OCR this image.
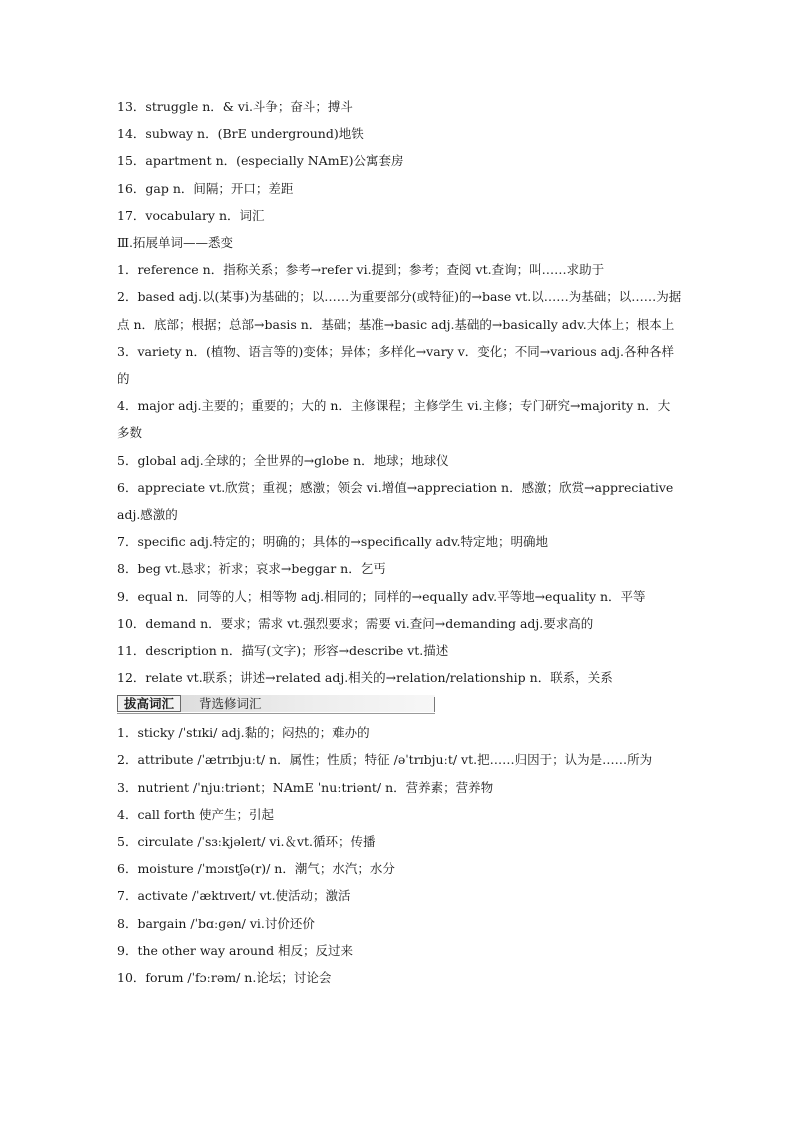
13．struggle n．& vi.斗争；奋斗；搏斗
14．subway n．(BrE underground)地铁
15．apartment n．(especially NAmE)公寓套房
16．gap n．间隔；开口；差距
17．vocabulary n．词汇
Ⅲ.拓展单词——悉变
1．reference n．指称关系；参考→refer vi.提到；参考；查阅 vt.查询；叫……求助于
2．based adj.以(某事)为基础的；以……为重要部分(或特征)的→base vt.以……为基础；以……为据点 n．底部；根据；总部→basis n．基础；基准→basic adj.基础的→basically adv.大体上；根本上
3．variety n．(植物、语言等的)变体；异体；多样化→vary v．变化；不同→various adj.各种各样的
4．major adj.主要的；重要的；大的 n．主修课程；主修学生 vi.主修；专门研究→majority n．大多数
5．global adj.全球的；全世界的→globe n．地球；地球仪
6．appreciate vt.欣赏；重视；感激；领会 vi.增值→appreciation n．感激；欣赏→appreciative adj.感激的
7．specific adj.特定的；明确的；具体的→specifically adv.特定地；明确地
8．beg vt.恳求；祈求；哀求→beggar n．乞丐
9．equal n．同等的人；相等物 adj.相同的；同样的→equally adv.平等地→equality n．平等
10．demand n．要求；需求 vt.强烈要求；需要 vi.查问→demanding adj.要求高的
11．description n．描写(文字)；形容→describe vt.描述
12．relate vt.联系；讲述→related adj.相关的→relation/relationship n．联系，关系
拔高词汇	背选修词汇
1．sticky /ˈstɪki/ adj.黏的；闷热的；难办的
2．attribute /ˈætrɪbjuːt/ n．属性；性质；特征 /əˈtrɪbjuːt/ vt.把……归因于；认为是……所为
3．nutrient /ˈnjuːtriənt；NAmE ˈnuːtriənt/ n．营养素；营养物
4．call forth 使产生；引起
5．circulate /ˈsɜːkjəleɪt/ vi.＆vt.循环；传播
6．moisture /ˈmɔɪstʃə(r)/ n．潮气；水汽；水分
7．activate /ˈæktɪveɪt/ vt.使活动；激活
8．bargain /ˈbɑːɡən/ vi.讨价还价
9．the other way around 相反；反过来
10．forum /ˈfɔːrəm/ n.论坛；讨论会
